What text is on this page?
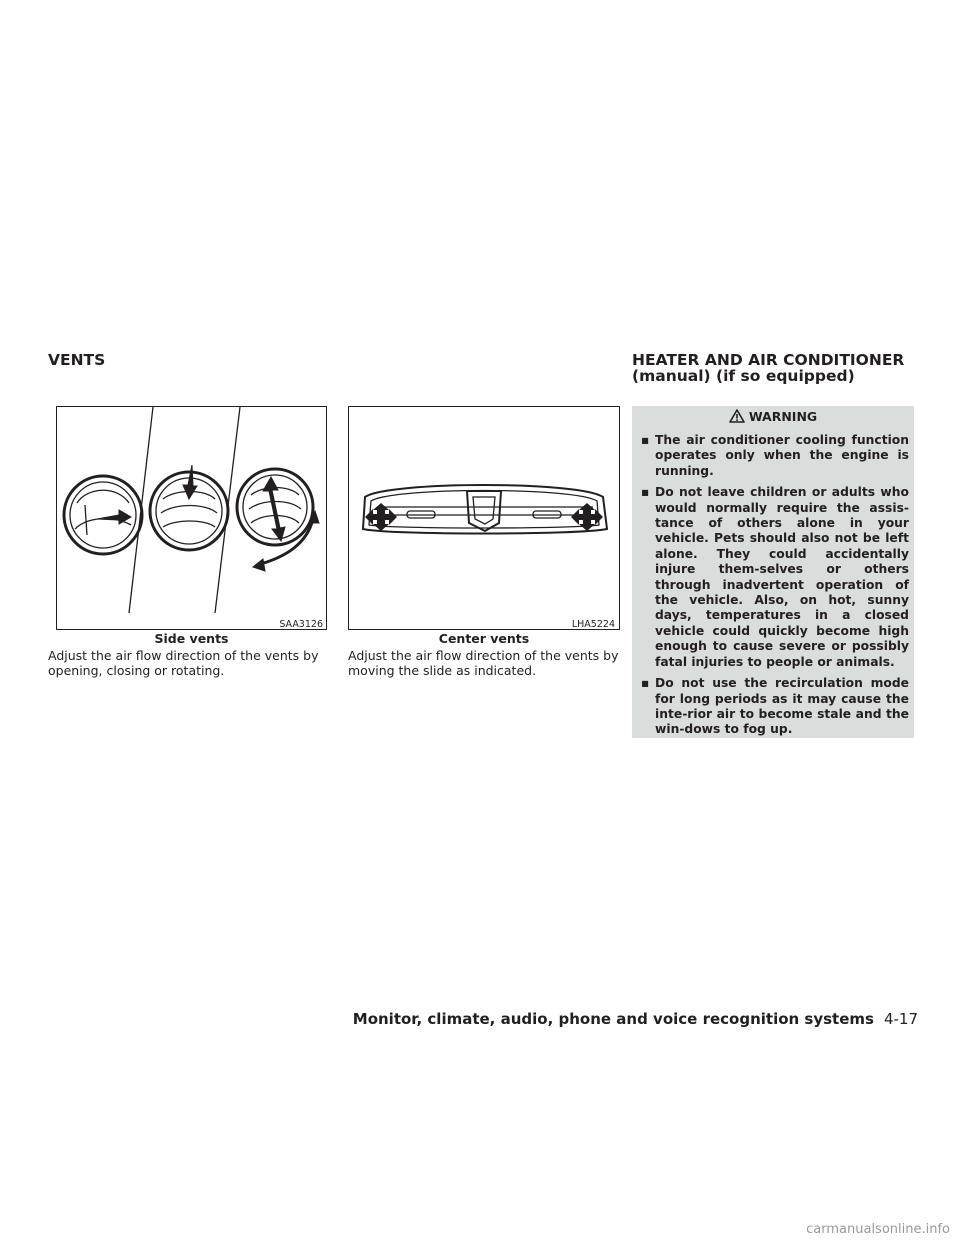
VENTS	HEATER AND AIR CONDITIONER
(manual) (if so equipped)
SAA3126
Side vents
Adjust the air flow direction of the vents by opening, closing or rotating.
LHA5224
Center vents
Adjust the air flow direction of the vents by moving the slide as indicated.
WARNING
▪ The air conditioner cooling function operates only when the engine is running.
▪ Do not leave children or adults who would normally require the assis-tance of others alone in your vehicle. Pets should also not be left alone. They could accidentally injure them-selves or others through inadvertent operation of the vehicle. Also, on hot, sunny days, temperatures in a closed vehicle could quickly become high enough to cause severe or possibly fatal injuries to people or animals.
▪ Do not use the recirculation mode for long periods as it may cause the inte-rior air to become stale and the win-dows to fog up.
Monitor, climate, audio, phone and voice recognition systems 4-17
carmanualsonline.info
